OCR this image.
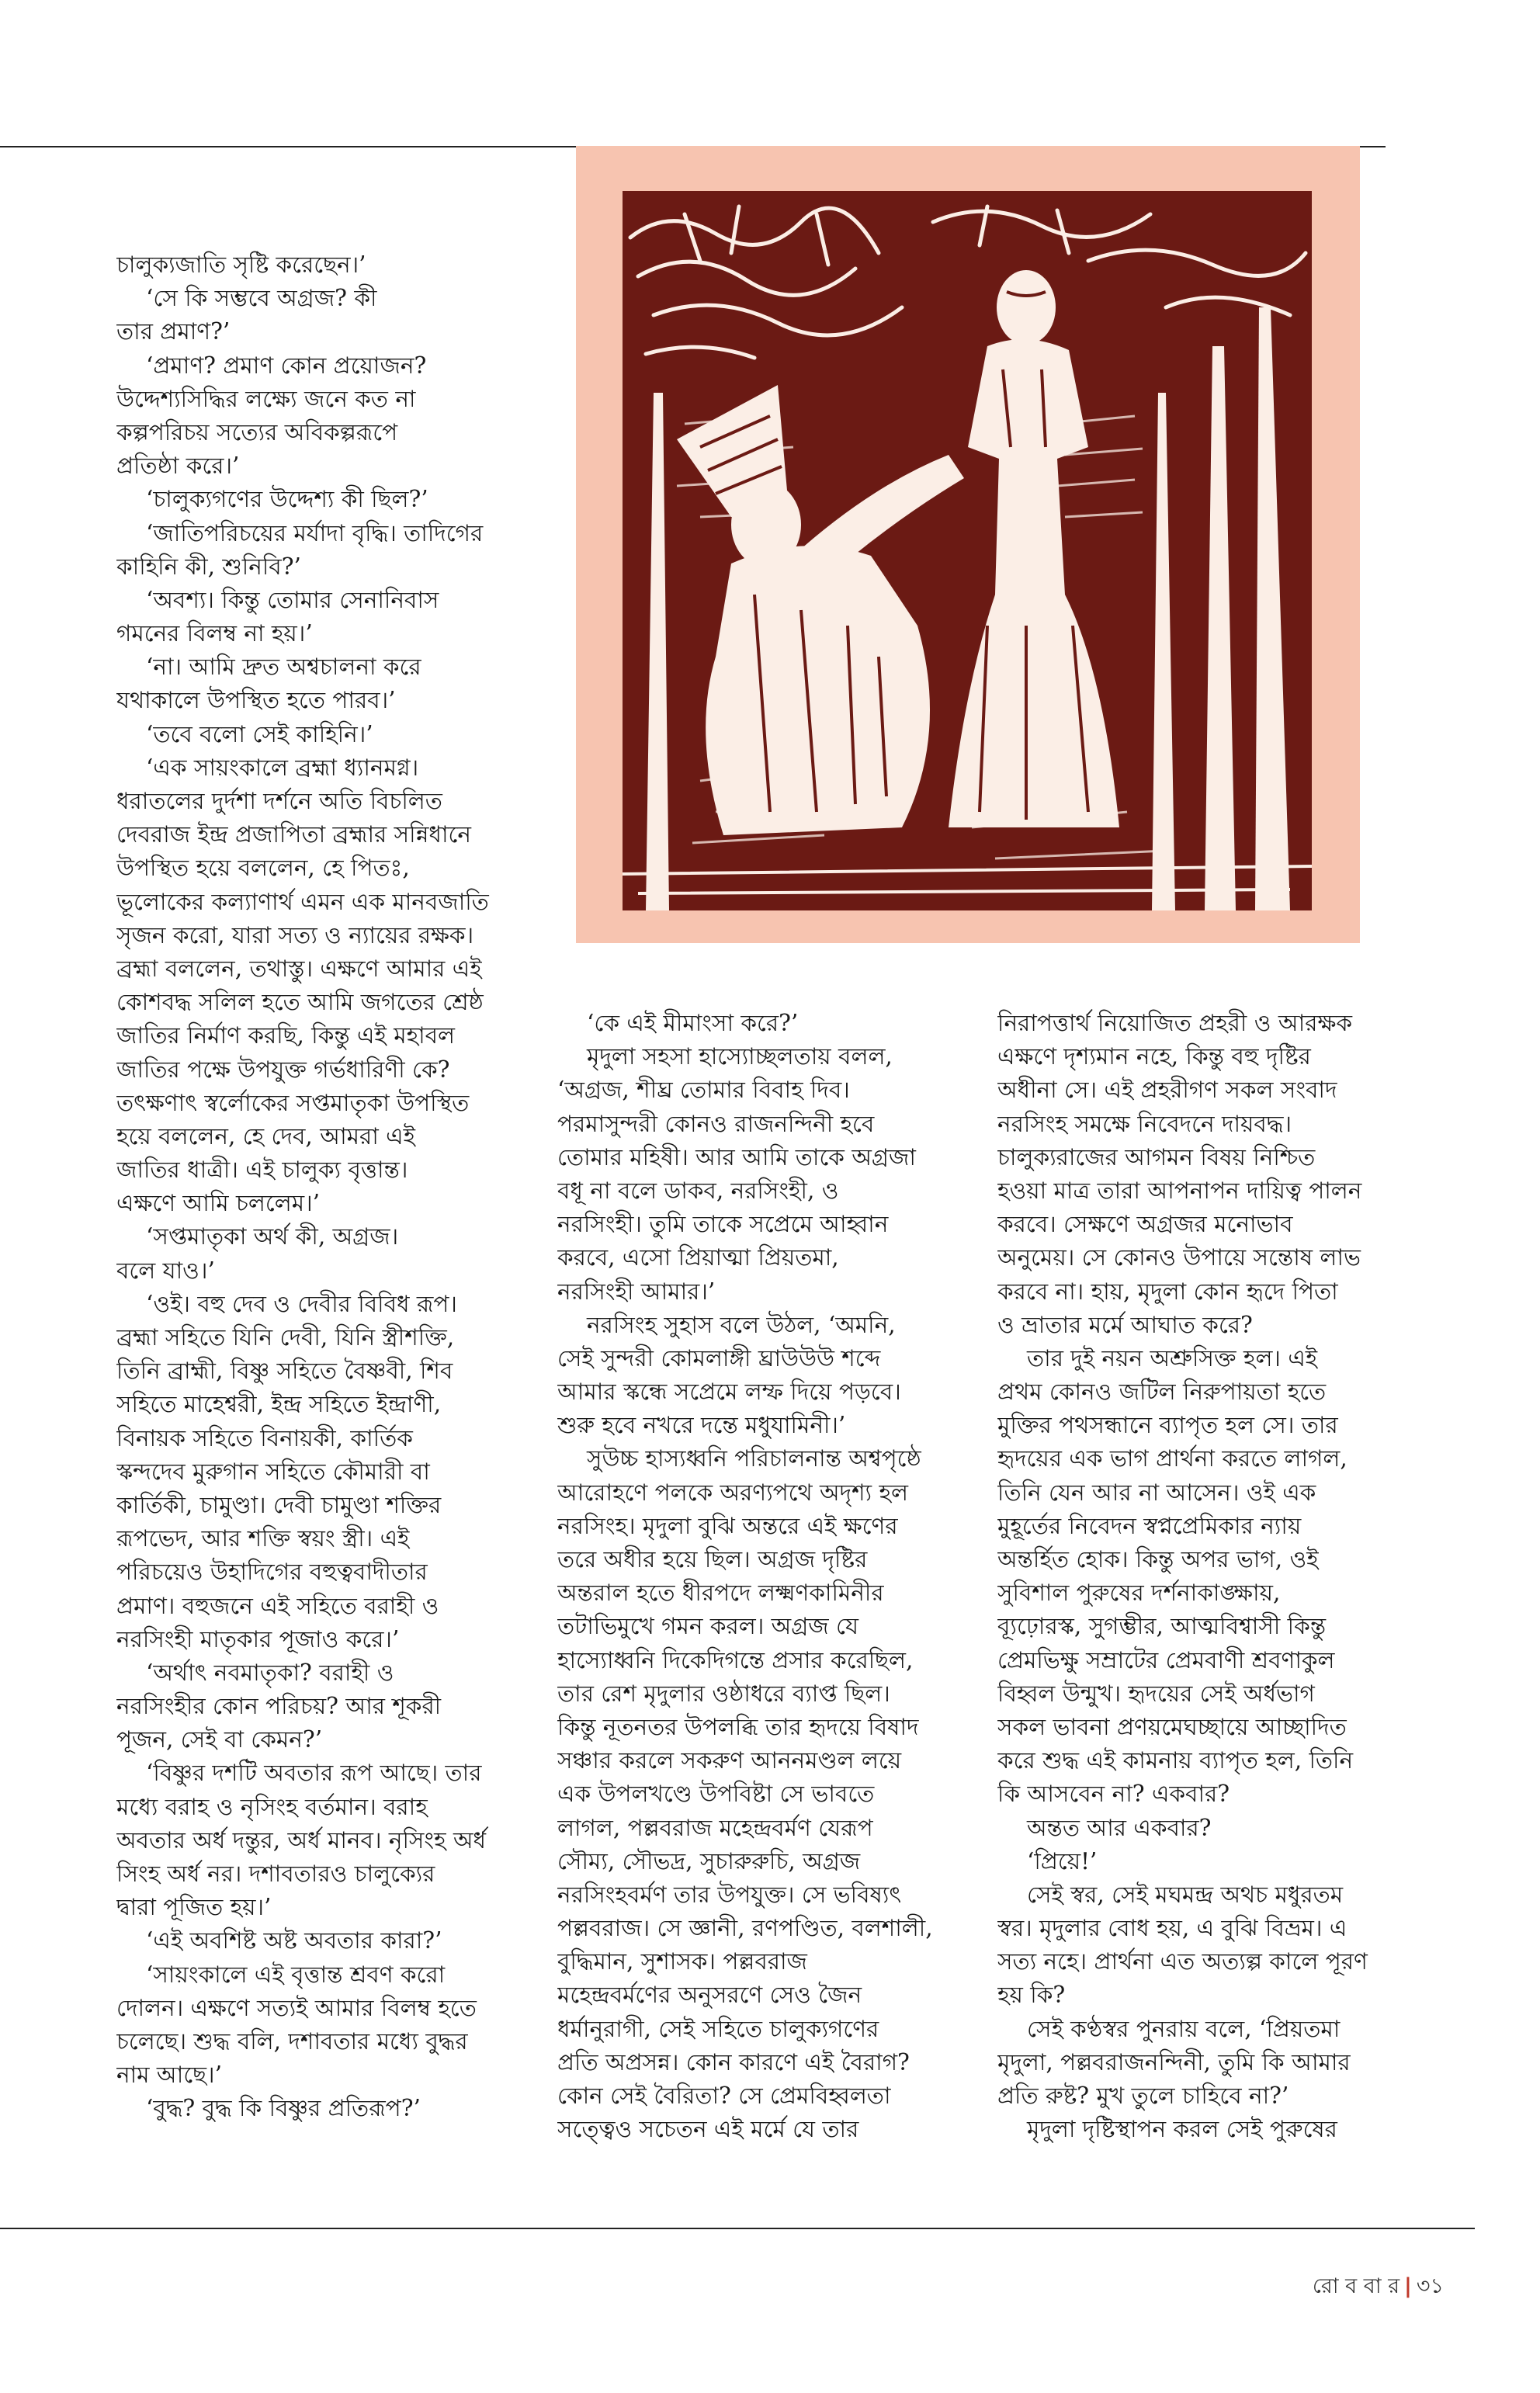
চালুক্যজাতি সৃষ্টি করেছেন।’
‘সে কি সম্ভবে অগ্রজ? কী
তার প্রমাণ?’
‘প্রমাণ? প্রমাণ কোন প্রয়োজন?
উদ্দেশ্যসিদ্ধির লক্ষ্যে জনে কত না
কল্পপরিচয় সত্যের অবিকল্পরূপে
প্রতিষ্ঠা করে।’
‘চালুক্যগণের উদ্দেশ্য কী ছিল?’
‘জাতিপরিচয়ের মর্যাদা বৃদ্ধি। তাদিগের
কাহিনি কী, শুনিবি?’
‘অবশ্য। কিন্তু তোমার সেনানিবাস
গমনের বিলম্ব না হয়।’
‘না। আমি দ্রুত অশ্বচালনা করে
যথাকালে উপস্থিত হতে পারব।’
‘তবে বলো সেই কাহিনি।’
‘এক সায়ংকালে ব্রহ্মা ধ্যানমগ্ন।
ধরাতলের দুর্দশা দর্শনে অতি বিচলিত
দেবরাজ ইন্দ্র প্রজাপিতা ব্রহ্মার সন্নিধানে
উপস্থিত হয়ে বললেন, হে পিতঃ,
ভূলোকের কল্যাণার্থ এমন এক মানবজাতি
সৃজন করো, যারা সত্য ও ন্যায়ের রক্ষক।
ব্রহ্মা বললেন, তথাস্তু। এক্ষণে আমার এই
কোশবদ্ধ সলিল হতে আমি জগতের শ্রেষ্ঠ
জাতির নির্মাণ করছি, কিন্তু এই মহাবল
জাতির পক্ষে উপযুক্ত গর্ভধারিণী কে?
তৎক্ষণাৎ স্বর্লোকের সপ্তমাতৃকা উপস্থিত
হয়ে বললেন, হে দেব, আমরা এই
জাতির ধাত্রী। এই চালুক্য বৃত্তান্ত।
এক্ষণে আমি চললেম।’
‘সপ্তমাতৃকা অর্থ কী, অগ্রজ।
বলে যাও।’
‘ওই। বহু দেব ও দেবীর বিবিধ রূপ।
ব্রহ্মা সহিতে যিনি দেবী, যিনি স্ত্রীশক্তি,
তিনি ব্রাহ্মী, বিষ্ণু সহিতে বৈষ্ণবী, শিব
সহিতে মাহেশ্বরী, ইন্দ্র সহিতে ইন্দ্রাণী,
বিনায়ক সহিতে বিনায়কী, কার্তিক
স্কন্দদেব মুরুগান সহিতে কৌমারী বা
কার্তিকী, চামুণ্ডা। দেবী চামুণ্ডা শক্তির
রূপভেদ, আর শক্তি স্বয়ং স্ত্রী। এই
পরিচয়েও উহাদিগের বহুত্ববাদীতার
প্রমাণ। বহুজনে এই সহিতে বরাহী ও
নরসিংহী মাতৃকার পূজাও করে।’
‘অর্থাৎ নবমাতৃকা? বরাহী ও
নরসিংহীর কোন পরিচয়? আর শূকরী
পূজন, সেই বা কেমন?’
‘বিষ্ণুর দশটি অবতার রূপ আছে। তার
মধ্যে বরাহ ও নৃসিংহ বর্তমান। বরাহ
অবতার অর্ধ দন্তুর, অর্ধ মানব। নৃসিংহ অর্ধ
সিংহ অর্ধ নর। দশাবতারও চালুক্যের
দ্বারা পূজিত হয়।’
‘এই অবশিষ্ট অষ্ট অবতার কারা?’
‘সায়ংকালে এই বৃত্তান্ত শ্রবণ করো
দোলন। এক্ষণে সত্যই আমার বিলম্ব হতে
চলেছে। শুদ্ধ বলি, দশাবতার মধ্যে বুদ্ধর
নাম আছে।’
‘বুদ্ধ? বুদ্ধ কি বিষ্ণুর প্রতিরূপ?’
‘কে এই মীমাংসা করে?’
মৃদুলা সহসা হাস্যোচ্ছলতায় বলল,
‘অগ্রজ, শীঘ্র তোমার বিবাহ দিব।
পরমাসুন্দরী কোনও রাজনন্দিনী হবে
তোমার মহিষী। আর আমি তাকে অগ্রজা
বধূ না বলে ডাকব, নরসিংহী, ও
নরসিংহী। তুমি তাকে সপ্রেমে আহ্বান
করবে, এসো প্রিয়াত্মা প্রিয়তমা,
নরসিংহী আমার।’
নরসিংহ সুহাস বলে উঠল, ‘অমনি,
সেই সুন্দরী কোমলাঙ্গী ঘ্রাউউউ শব্দে
আমার স্কন্ধে সপ্রেমে লম্ফ দিয়ে পড়বে।
শুরু হবে নখরে দন্তে মধুযামিনী।’
সুউচ্চ হাস্যধ্বনি পরিচালনান্ত অশ্বপৃষ্ঠে
আরোহণে পলকে অরণ্যপথে অদৃশ্য হল
নরসিংহ। মৃদুলা বুঝি অন্তরে এই ক্ষণের
তরে অধীর হয়ে ছিল। অগ্রজ দৃষ্টির
অন্তরাল হতে ধীরপদে লক্ষ্মণকামিনীর
তটাভিমুখে গমন করল। অগ্রজ যে
হাস্যোধ্বনি দিকেদিগন্তে প্রসার করেছিল,
তার রেশ মৃদুলার ওষ্ঠাধরে ব্যাপ্ত ছিল।
কিন্তু নূতনতর উপলব্ধি তার হৃদয়ে বিষাদ
সঞ্চার করলে সকরুণ আননমণ্ডল লয়ে
এক উপলখণ্ডে উপবিষ্টা সে ভাবতে
লাগল, পল্লবরাজ মহেন্দ্রবর্মণ যেরূপ
সৌম্য, সৌভদ্র, সুচারুরুচি, অগ্রজ
নরসিংহবর্মণ তার উপযুক্ত। সে ভবিষ্যৎ
পল্লবরাজ। সে জ্ঞানী, রণপণ্ডিত, বলশালী,
বুদ্ধিমান, সুশাসক। পল্লবরাজ
মহেন্দ্রবর্মণের অনুসরণে সেও জৈন
ধর্মানুরাগী, সেই সহিতে চালুক্যগণের
প্রতি অপ্রসন্ন। কোন কারণে এই বৈরাগ?
কোন সেই বৈরিতা? সে প্রেমবিহ্বলতা
সত্ত্বেও সচেতন এই মর্মে যে তার
নিরাপত্তার্থ নিয়োজিত প্রহরী ও আরক্ষক
এক্ষণে দৃশ্যমান নহে, কিন্তু বহু দৃষ্টির
অধীনা সে। এই প্রহরীগণ সকল সংবাদ
নরসিংহ সমক্ষে নিবেদনে দায়বদ্ধ।
চালুক্যরাজের আগমন বিষয় নিশ্চিত
হওয়া মাত্র তারা আপনাপন দায়িত্ব পালন
করবে। সেক্ষণে অগ্রজর মনোভাব
অনুমেয়। সে কোনও উপায়ে সন্তোষ লাভ
করবে না। হায়, মৃদুলা কোন হৃদে পিতা
ও ভ্রাতার মর্মে আঘাত করে?
তার দুই নয়ন অশ্রুসিক্ত হল। এই
প্রথম কোনও জটিল নিরুপায়তা হতে
মুক্তির পথসন্ধানে ব্যাপৃত হল সে। তার
হৃদয়ের এক ভাগ প্রার্থনা করতে লাগল,
তিনি যেন আর না আসেন। ওই এক
মুহূর্তের নিবেদন স্বপ্নপ্রেমিকার ন্যায়
অন্তর্হিত হোক। কিন্তু অপর ভাগ, ওই
সুবিশাল পুরুষের দর্শনাকাঙ্ক্ষায়,
ব্যূঢ়োরস্ক, সুগম্ভীর, আত্মবিশ্বাসী কিন্তু
প্রেমভিক্ষু সম্রাটের প্রেমবাণী শ্রবণাকুল
বিহ্বল উন্মুখ। হৃদয়ের সেই অর্ধভাগ
সকল ভাবনা প্রণয়মেঘচ্ছায়ে আচ্ছাদিত
করে শুদ্ধ এই কামনায় ব্যাপৃত হল, তিনি
কি আসবেন না? একবার?
অন্তত আর একবার?
‘প্রিয়ে!’
সেই স্বর, সেই মঘমন্দ্র অথচ মধুরতম
স্বর। মৃদুলার বোধ হয়, এ বুঝি বিভ্রম। এ
সত্য নহে। প্রার্থনা এত অত্যল্প কালে পূরণ
হয় কি?
সেই কণ্ঠস্বর পুনরায় বলে, ‘প্রিয়তমা
মৃদুলা, পল্লবরাজনন্দিনী, তুমি কি আমার
প্রতি রুষ্ট? মুখ তুলে চাহিবে না?’
মৃদুলা দৃষ্টিস্থাপন করল সেই পুরুষের
রো ব বা র | ৩১
